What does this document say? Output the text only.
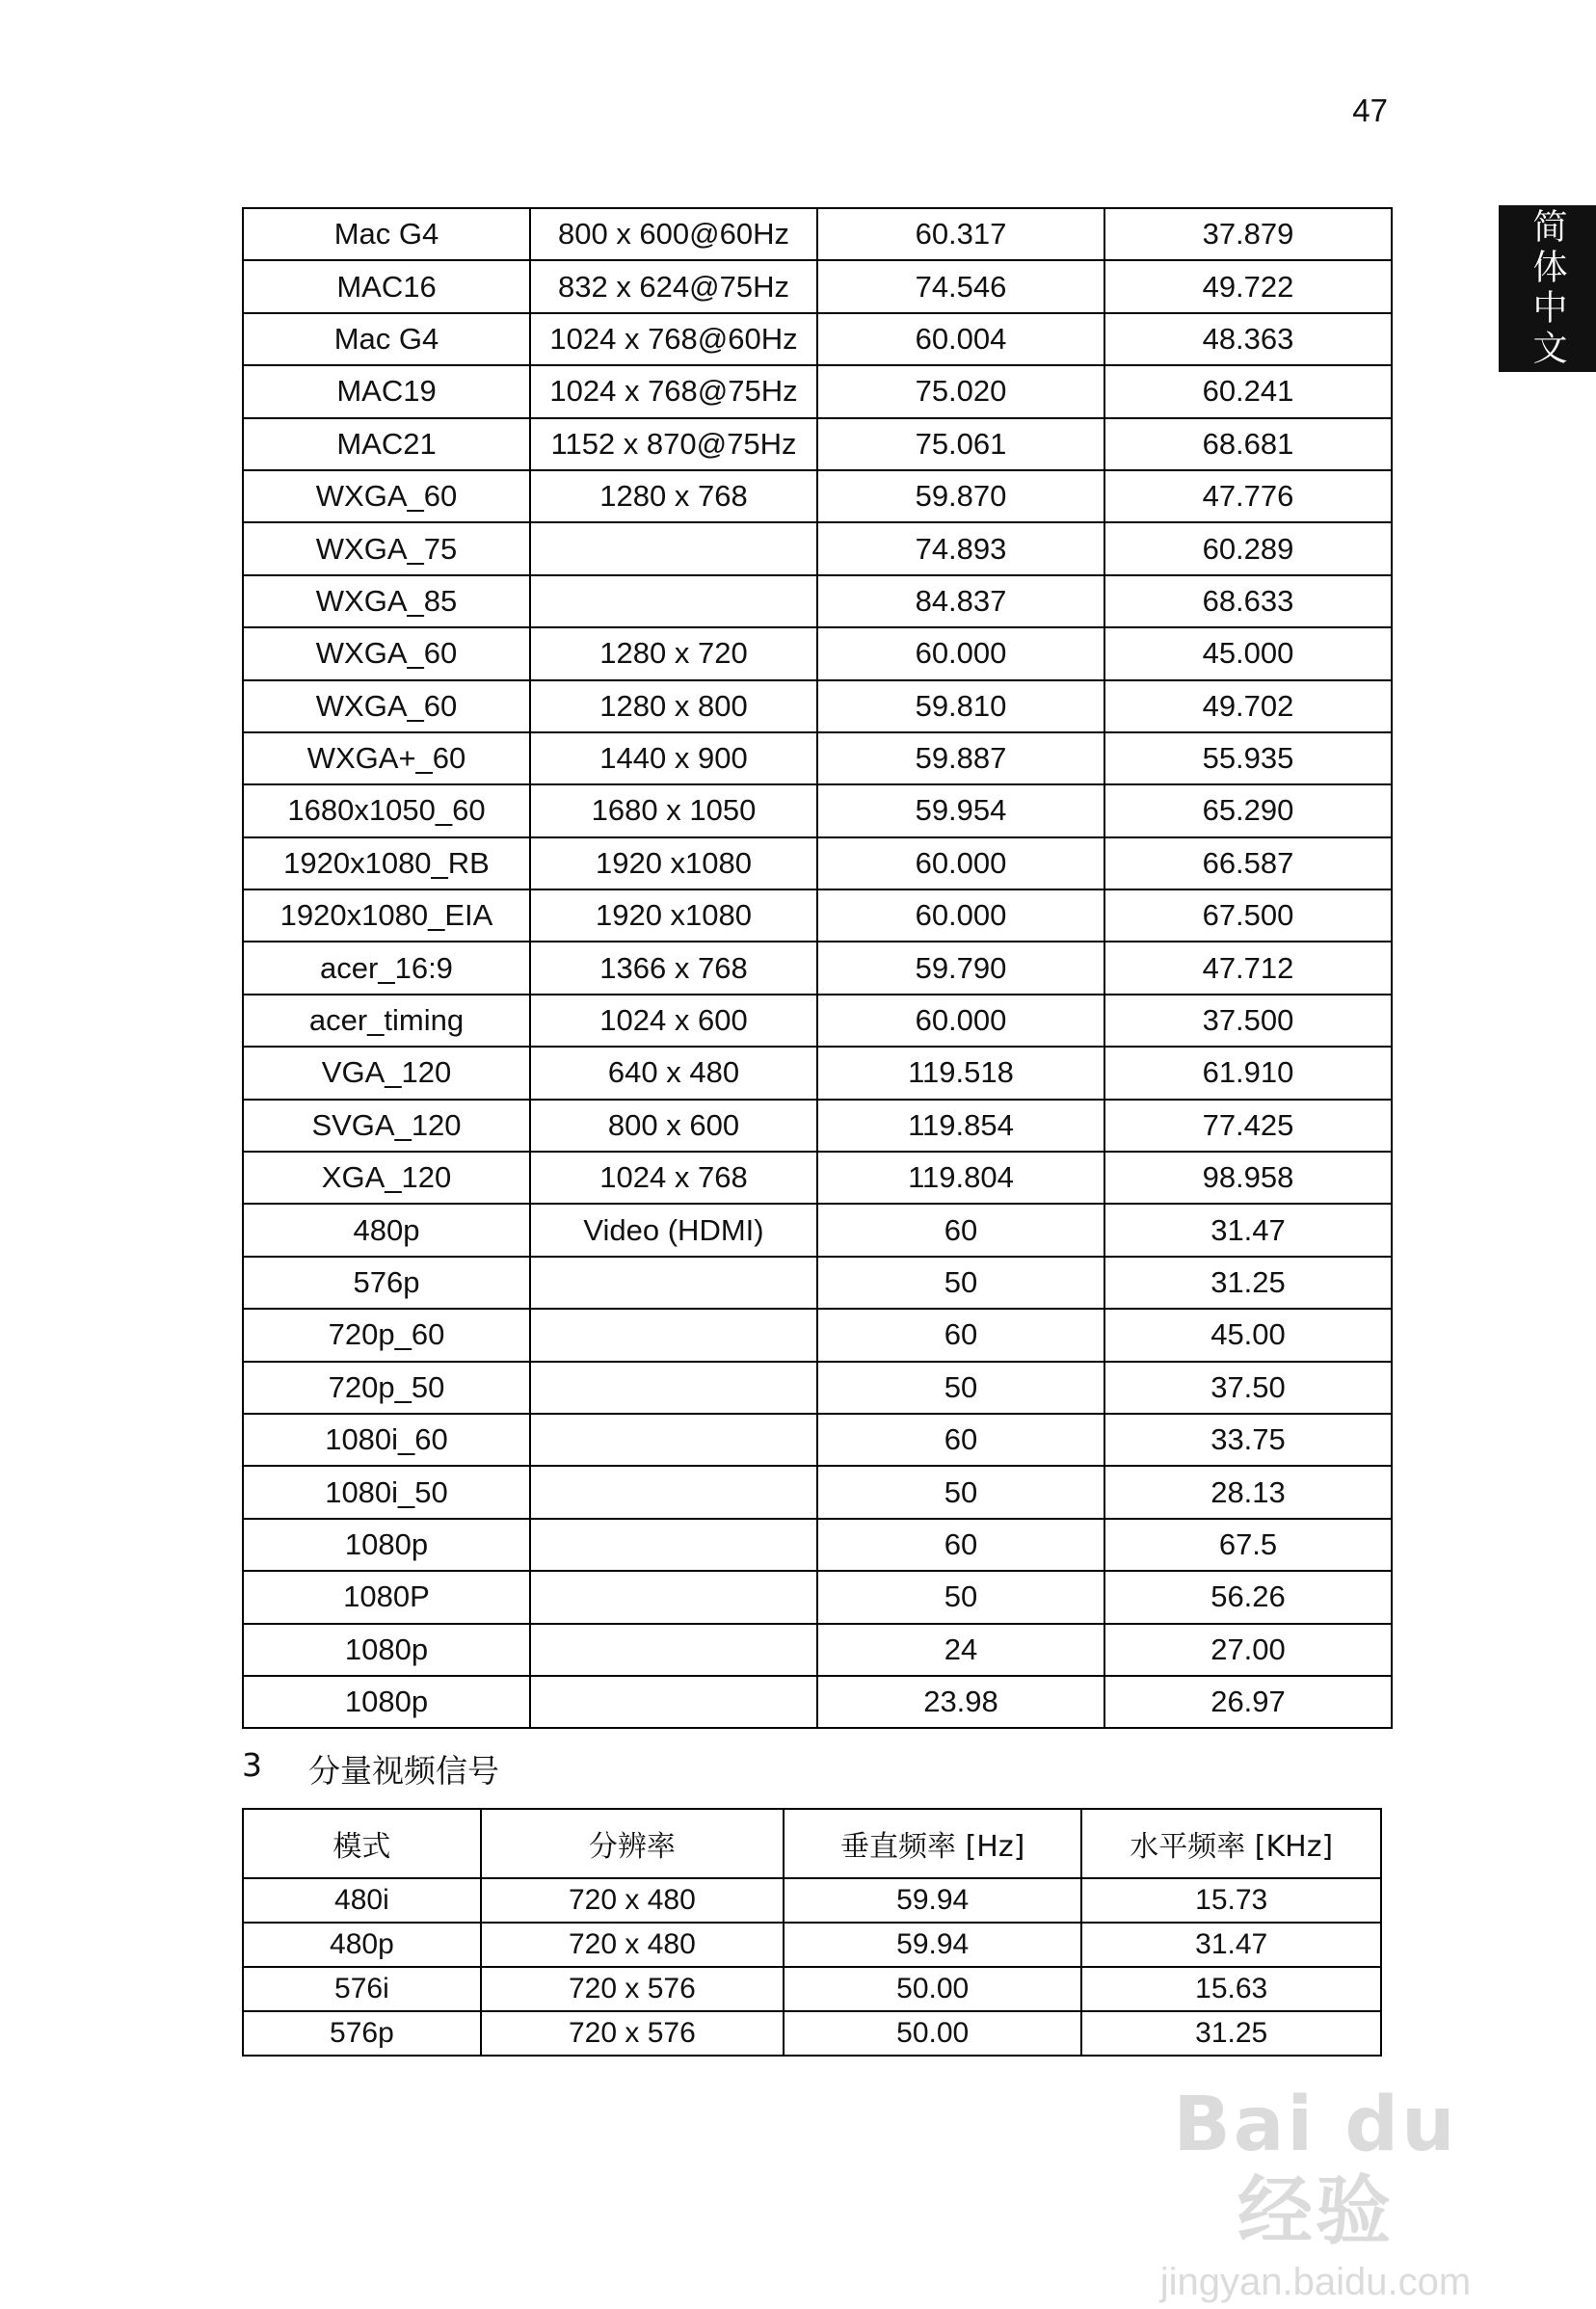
47
简体中文
Mac G4	800 x 600@60Hz	60.317	37.879
MAC16	832 x 624@75Hz	74.546	49.722
Mac G4	1024 x 768@60Hz	60.004	48.363
MAC19	1024 x 768@75Hz	75.020	60.241
MAC21	1152 x 870@75Hz	75.061	68.681
WXGA_60	1280 x 768	59.870	47.776
WXGA_75		74.893	60.289
WXGA_85		84.837	68.633
WXGA_60	1280 x 720	60.000	45.000
WXGA_60	1280 x 800	59.810	49.702
WXGA+_60	1440 x 900	59.887	55.935
1680x1050_60	1680 x 1050	59.954	65.290
1920x1080_RB	1920 x1080	60.000	66.587
1920x1080_EIA	1920 x1080	60.000	67.500
acer_16:9	1366 x 768	59.790	47.712
acer_timing	1024 x 600	60.000	37.500
VGA_120	640 x 480	119.518	61.910
SVGA_120	800 x 600	119.854	77.425
XGA_120	1024 x 768	119.804	98.958
480p	Video (HDMI)	60	31.47
576p		50	31.25
720p_60		60	45.00
720p_50		50	37.50
1080i_60		60	33.75
1080i_50		50	28.13
1080p		60	67.5
1080P		50	56.26
1080p		24	27.00
1080p		23.98	26.97
3 分量视频信号
模式	分辨率	垂直频率 [Hz]	水平频率 [KHz]
480i	720 x 480	59.94	15.73
480p	720 x 480	59.94	31.47
576i	720 x 576	50.00	15.63
576p	720 x 576	50.00	31.25
Bai du 经验
jingyan.baidu.com
